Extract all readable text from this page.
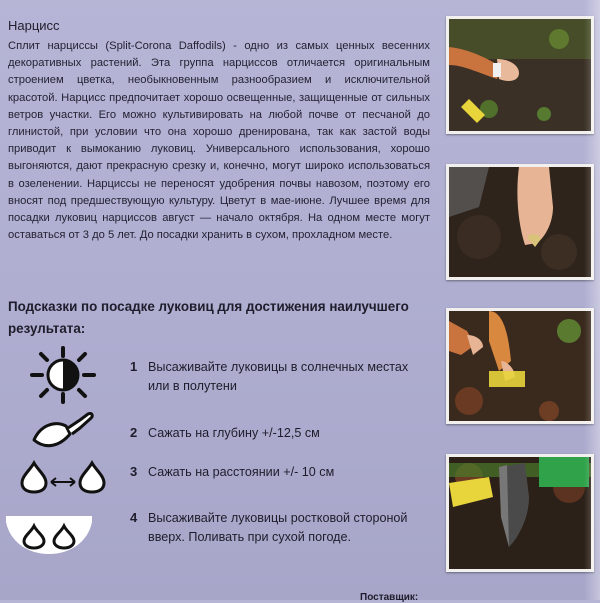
Нарцисс
Сплит нарциссы (Split-Corona Daffodils) - одно из самых ценных весенних декоративных растений. Эта группа нарциссов отличается оригинальным строением цветка, необыкновенным разнообразием и исключительной красотой. Нарцисс предпочитает хорошо освещенные, защищенные от сильных ветров участки. Его можно культивировать на любой почве от песчаной до глинистой, при условии что она хорошо дренирована, так как застой воды приводит к вымоканию луковиц. Универсального использования, хорошо выгоняются, дают прекрасную срезку и, конечно, могут широко использоваться в озеленении. Нарциссы не переносят удобрения почвы навозом, поэтому его вносят под предшествующую культуру. Цветут в мае-июне. Лучшее время для посадки луковиц нарциссов август — начало октября. На одном месте могут оставаться от 3 до 5 лет. До посадки хранить в сухом, прохладном месте.
Подсказки по посадке луковиц для достижения наилучшего результата:
1 Высаживайте луковицы в солнечных местах или в полутени
2 Сажать на глубину +/-12,5 см
3 Сажать на расстоянии +/- 10 см
4 Высаживайте луковицы ростковой стороной вверх. Поливать при сухой погоде.
Поставщик:
